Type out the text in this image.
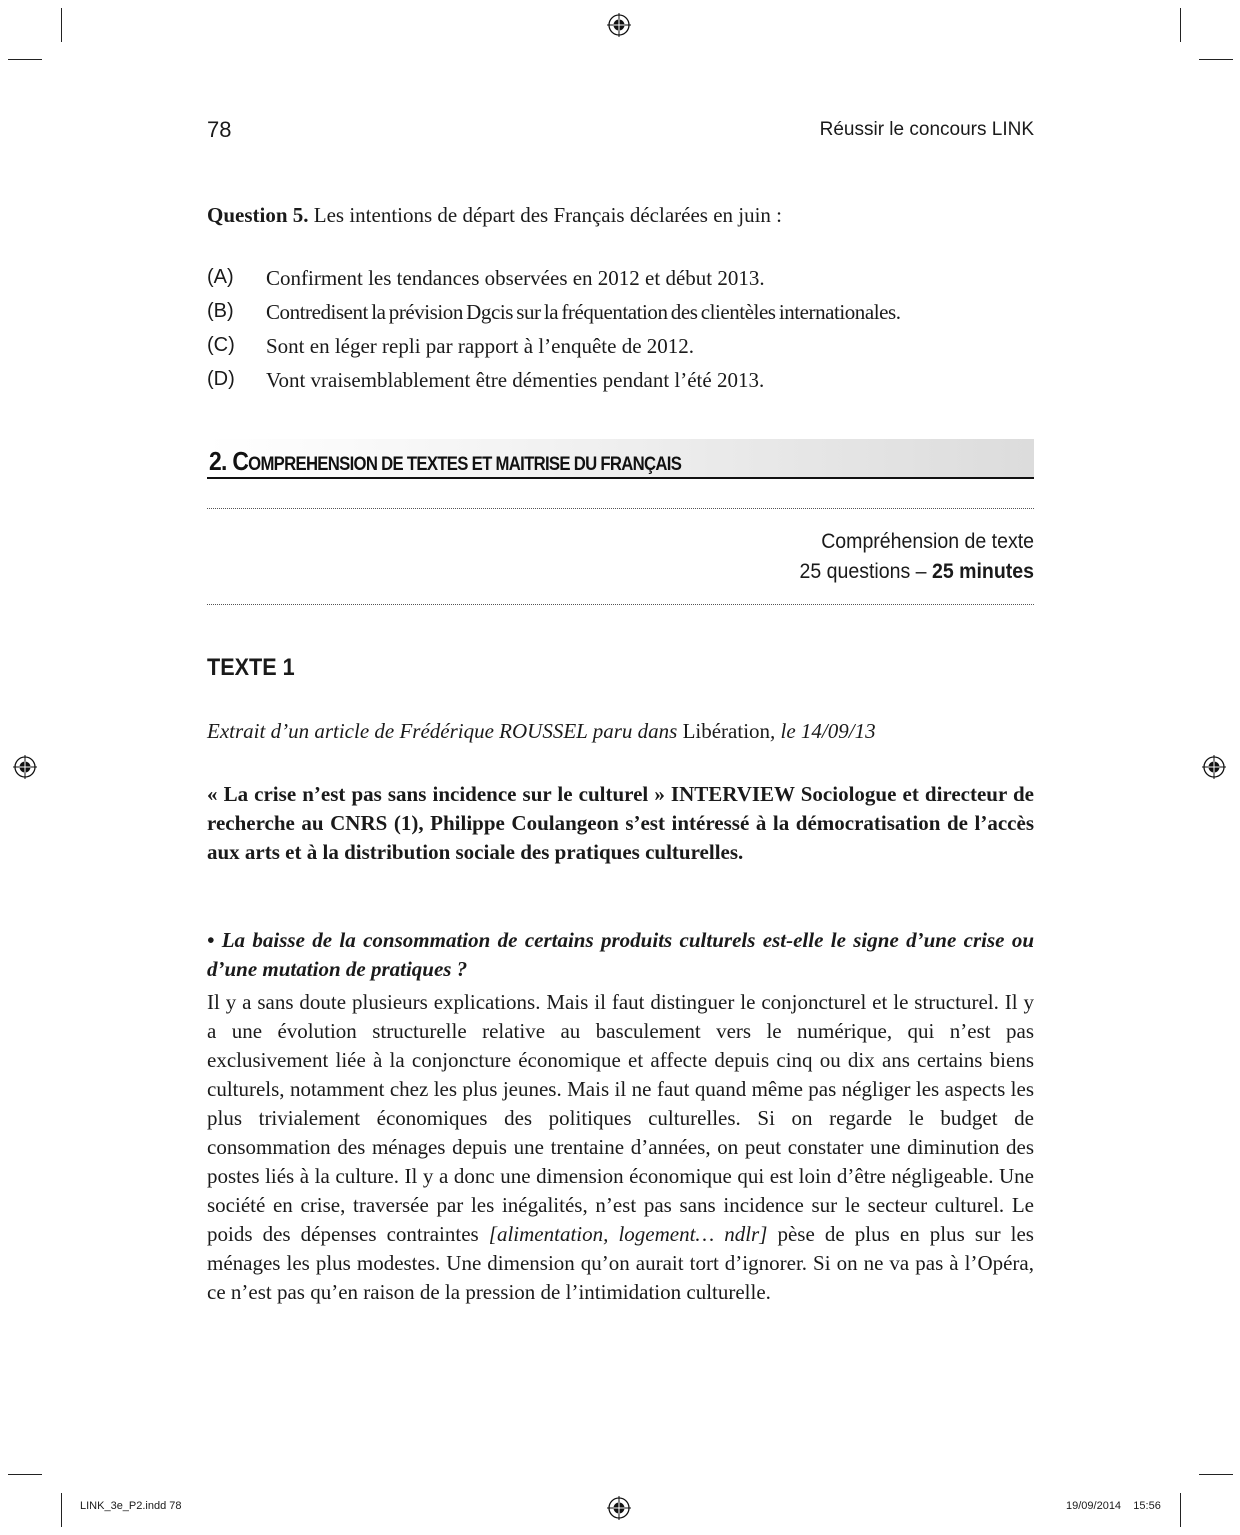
78	Réussir le concours LINK
Question 5. Les intentions de départ des Français déclarées en juin :
(A) Confirment les tendances observées en 2012 et début 2013.
(B) Contredisent la prévision Dgcis sur la fréquentation des clientèles internationales.
(C) Sont en léger repli par rapport à l’enquête de 2012.
(D) Vont vraisemblablement être démenties pendant l’été 2013.
2. COMPREHENSION DE TEXTES ET MAITRISE DU FRANÇAIS
Compréhension de texte
25 questions – 25 minutes
TEXTE 1
Extrait d’un article de Frédérique ROUSSEL paru dans Libération, le 14/09/13
« La crise n’est pas sans incidence sur le culturel » INTERVIEW Sociologue et directeur de recherche au CNRS (1), Philippe Coulangeon s’est intéressé à la démocratisation de l’accès aux arts et à la distribution sociale des pratiques culturelles.
• La baisse de la consommation de certains produits culturels est-elle le signe d’une crise ou d’une mutation de pratiques ?
Il y a sans doute plusieurs explications. Mais il faut distinguer le conjoncturel et le structurel. Il y a une évolution structurelle relative au basculement vers le numérique, qui n’est pas exclusivement liée à la conjoncture économique et affecte depuis cinq ou dix ans certains biens culturels, notamment chez les plus jeunes. Mais il ne faut quand même pas négliger les aspects les plus trivialement économiques des politiques culturelles. Si on regarde le budget de consommation des ménages depuis une trentaine d’années, on peut constater une diminution des postes liés à la culture. Il y a donc une dimension économique qui est loin d’être négligeable. Une société en crise, traversée par les inégalités, n’est pas sans incidence sur le secteur culturel. Le poids des dépenses contraintes [alimentation, logement… ndlr] pèse de plus en plus sur les ménages les plus modestes. Une dimension qu’on aurait tort d’ignorer. Si on ne va pas à l’Opéra, ce n’est pas qu’en raison de la pression de l’intimidation culturelle.
LINK_3e_P2.indd 78	19/09/2014 15:56
